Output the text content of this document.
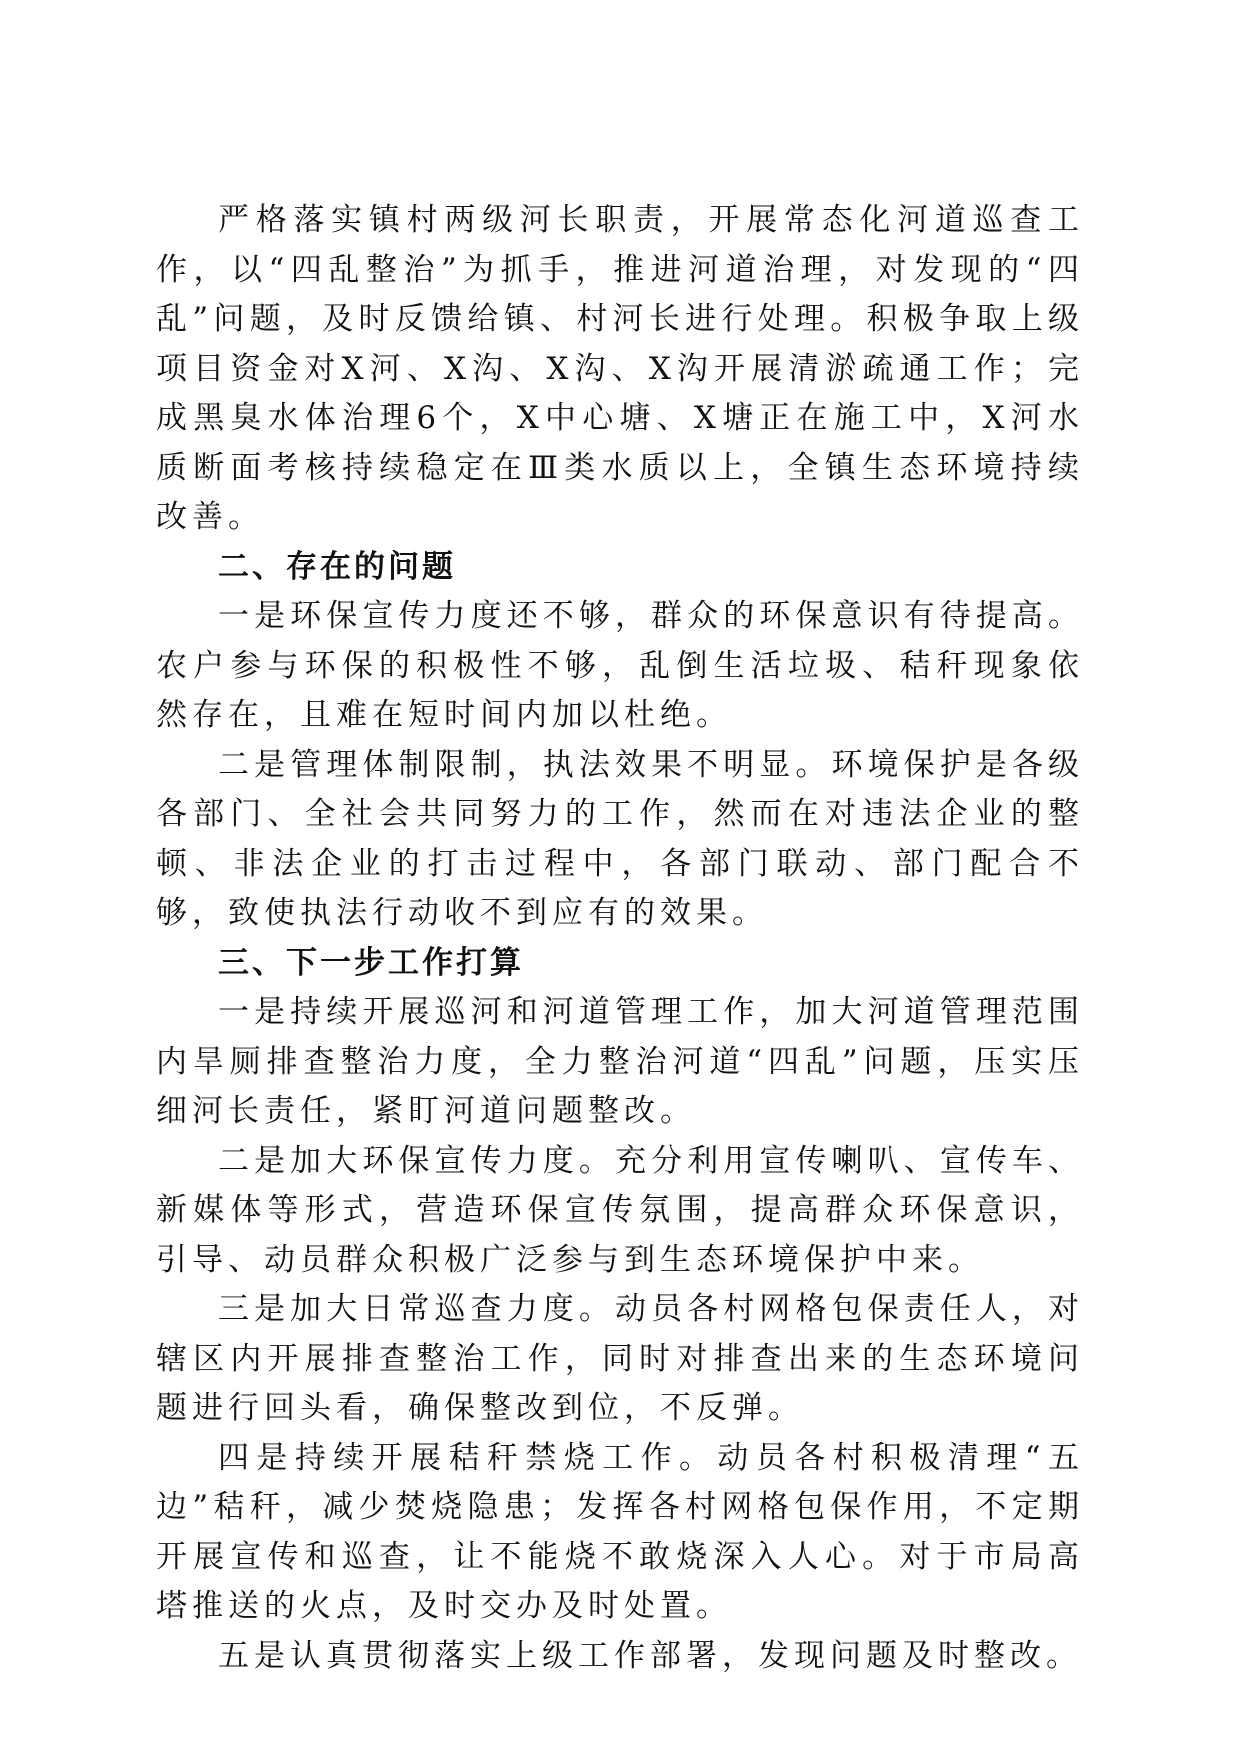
严格落实镇村两级河长职责，开展常态化河道巡查工作，以“四乱整治”为抓手，推进河道治理，对发现的“四乱”问题，及时反馈给镇、村河长进行处理。积极争取上级项目资金对X河、X沟、X沟、X沟开展清淤疏通工作；完成黑臭水体治理6个，X中心塘、X塘正在施工中，X河水质断面考核持续稳定在Ⅲ类水质以上，全镇生态环境持续改善。

二、存在的问题

一是环保宣传力度还不够，群众的环保意识有待提高。农户参与环保的积极性不够，乱倒生活垃圾、秸秆现象依然存在，且难在短时间内加以杜绝。

二是管理体制限制，执法效果不明显。环境保护是各级各部门、全社会共同努力的工作，然而在对违法企业的整顿、非法企业的打击过程中，各部门联动、部门配合不够，致使执法行动收不到应有的效果。

三、下一步工作打算

一是持续开展巡河和河道管理工作，加大河道管理范围内旱厕排查整治力度，全力整治河道“四乱”问题，压实压细河长责任，紧盯河道问题整改。

二是加大环保宣传力度。充分利用宣传喇叭、宣传车、新媒体等形式，营造环保宣传氛围，提高群众环保意识，引导、动员群众积极广泛参与到生态环境保护中来。

三是加大日常巡查力度。动员各村网格包保责任人，对辖区内开展排查整治工作，同时对排查出来的生态环境问题进行回头看，确保整改到位，不反弹。

四是持续开展秸秆禁烧工作。动员各村积极清理“五边”秸秆，减少焚烧隐患；发挥各村网格包保作用，不定期开展宣传和巡查，让不能烧不敢烧深入人心。对于市局高塔推送的火点，及时交办及时处置。

五是认真贯彻落实上级工作部署，发现问题及时整改。
